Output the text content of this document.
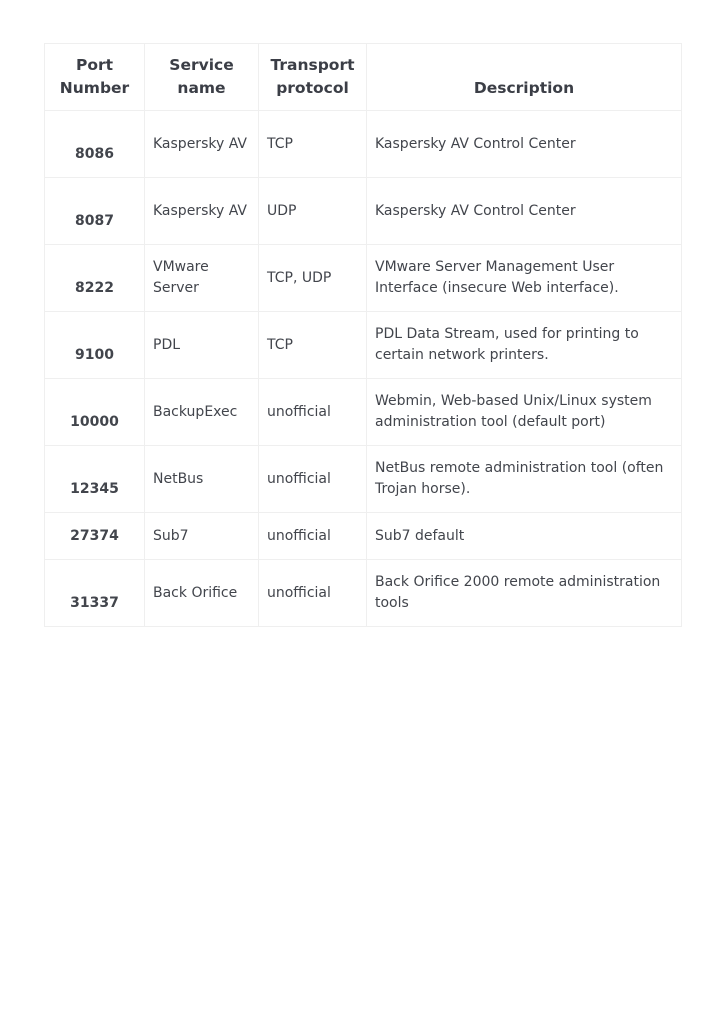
Port Number	Service name	Transport protocol	Description
8086	Kaspersky AV	TCP	Kaspersky AV Control Center
8087	Kaspersky AV	UDP	Kaspersky AV Control Center
8222	VMware Server	TCP, UDP	VMware Server Management User Interface (insecure Web interface).
9100	PDL	TCP	PDL Data Stream, used for printing to certain network printers.
10000	BackupExec	unofficial	Webmin, Web-based Unix/Linux system administration tool (default port)
12345	NetBus	unofficial	NetBus remote administration tool (often Trojan horse).
27374	Sub7	unofficial	Sub7 default
31337	Back Orifice	unofficial	Back Orifice 2000 remote administration tools
